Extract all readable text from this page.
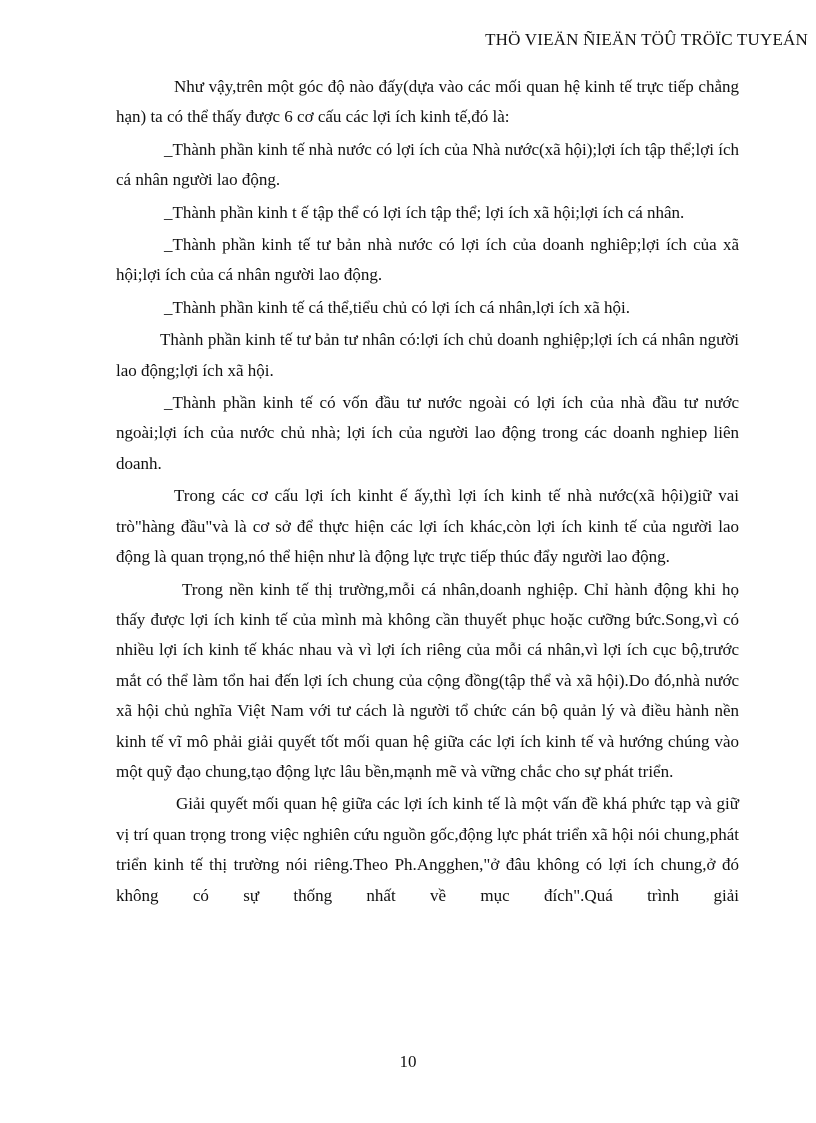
THÖ VIEÄN ÑIEÄN TÖÛ TRÖÏC TUYEÁN

Như vậy,trên một góc độ nào đấy(dựa vào các mối quan hệ kinh tế trực tiếp chẳng hạn) ta có thể thấy được 6 cơ cấu các lợi ích kinh tế,đó là:

_Thành phần kinh tế nhà nước có lợi ích của Nhà nước(xã hội);lợi ích tập thể;lợi ích cá nhân người lao động.

_Thành phần kinh t ế tập thể có lợi ích tập thể; lợi ích xã hội;lợi ích cá nhân.

_Thành phần kinh tế tư bản nhà nước có lợi ích của doanh nghiêp;lợi ích của xã hội;lợi ích của cá nhân người lao động.

_Thành phần kinh tế cá thể,tiểu chủ có lợi ích cá nhân,lợi ích xã hội.

Thành phần kinh tế tư bản tư nhân có:lợi ích chủ doanh nghiệp;lợi ích cá nhân người lao động;lợi ích xã hội.

_Thành phần kinh tế có vốn đầu tư nước ngoài có lợi ích của nhà đầu tư nước ngoài;lợi ích của nước chủ nhà; lợi ích của người lao động trong các doanh nghiep liên doanh.

Trong các cơ cấu lợi ích kinht ế ấy,thì lợi ích kinh tế nhà nước(xã hội)giữ vai trò"hàng đầu"và là cơ sở để thực hiện các lợi ích khác,còn lợi ích kinh tế của người lao động là quan trọng,nó thể hiện như là động lực trực tiếp thúc đẩy người lao động.

Trong nền kinh tế thị trường,mỗi cá nhân,doanh nghiệp. Chỉ hành động khi họ thấy được lợi ích kinh tế của mình mà không cần thuyết phục hoặc cưỡng bức.Song,vì có nhiều lợi ích kinh tế khác nhau và vì lợi ích riêng của mỗi cá nhân,vì lợi ích cục bộ,trước mắt có thể làm tổn hai đến lợi ích chung của cộng đồng(tập thể và xã hội).Do đó,nhà nước xã hội chủ nghĩa Việt Nam với tư cách là người tổ chức cán bộ quản lý và điều hành nền kinh tế vĩ mô phải giải quyết tốt mối quan hệ giữa các lợi ích kinh tế và hướng chúng vào một quỹ đạo chung,tạo động lực lâu bền,mạnh mẽ và vững chắc cho sự phát triển.

Giải quyết mối quan hệ giữa các lợi ích kinh tế là một vấn đề khá phức tạp và giữ vị trí quan trọng trong việc nghiên cứu nguồn gốc,động lực phát triển xã hội nói chung,phát triển kinh tế thị trường nói riêng.Theo Ph.Angghen,"ở đâu không có lợi ích chung,ở đó không có sự thống nhất về mục đích".Quá trình giải

10
